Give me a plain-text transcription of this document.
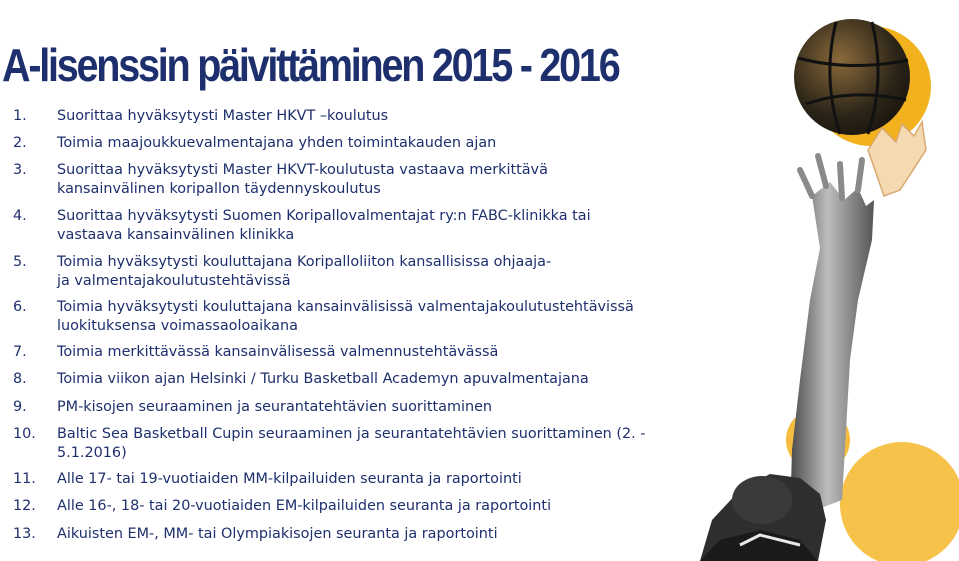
A-lisenssin päivittäminen 2015 - 2016
1. Suorittaa hyväksytysti Master HKVT –koulutus
2. Toimia maajoukkuevalmentajana yhden toimintakauden ajan
3. Suorittaa hyväksytysti Master HKVT-koulutusta vastaava merkittävä
kansainvälinen koripallon täydennyskoulutus
4. Suorittaa hyväksytysti Suomen Koripallovalmentajat ry:n FABC-klinikka tai
vastaava kansainvälinen klinikka
5. Toimia hyväksytysti kouluttajana Koripalloliiton kansallisissa ohjaaja-
ja valmentajakoulutustehtävissä
6. Toimia hyväksytysti kouluttajana kansainvälisissä valmentajakoulutustehtävissä
luokituksensa voimassaoloaikana
7. Toimia merkittävässä kansainvälisessä valmennustehtävässä
8. Toimia viikon ajan Helsinki / Turku Basketball Academyn apuvalmentajana
9. PM-kisojen seuraaminen ja seurantatehtävien suorittaminen
10. Baltic Sea Basketball Cupin seuraaminen ja seurantatehtävien suorittaminen (2. -
5.1.2016)
11. Alle 17- tai 19-vuotiaiden MM-kilpailuiden seuranta ja raportointi
12. Alle 16-, 18- tai 20-vuotiaiden EM-kilpailuiden seuranta ja raportointi
13. Aikuisten EM-, MM- tai Olympiakisojen seuranta ja raportointi
